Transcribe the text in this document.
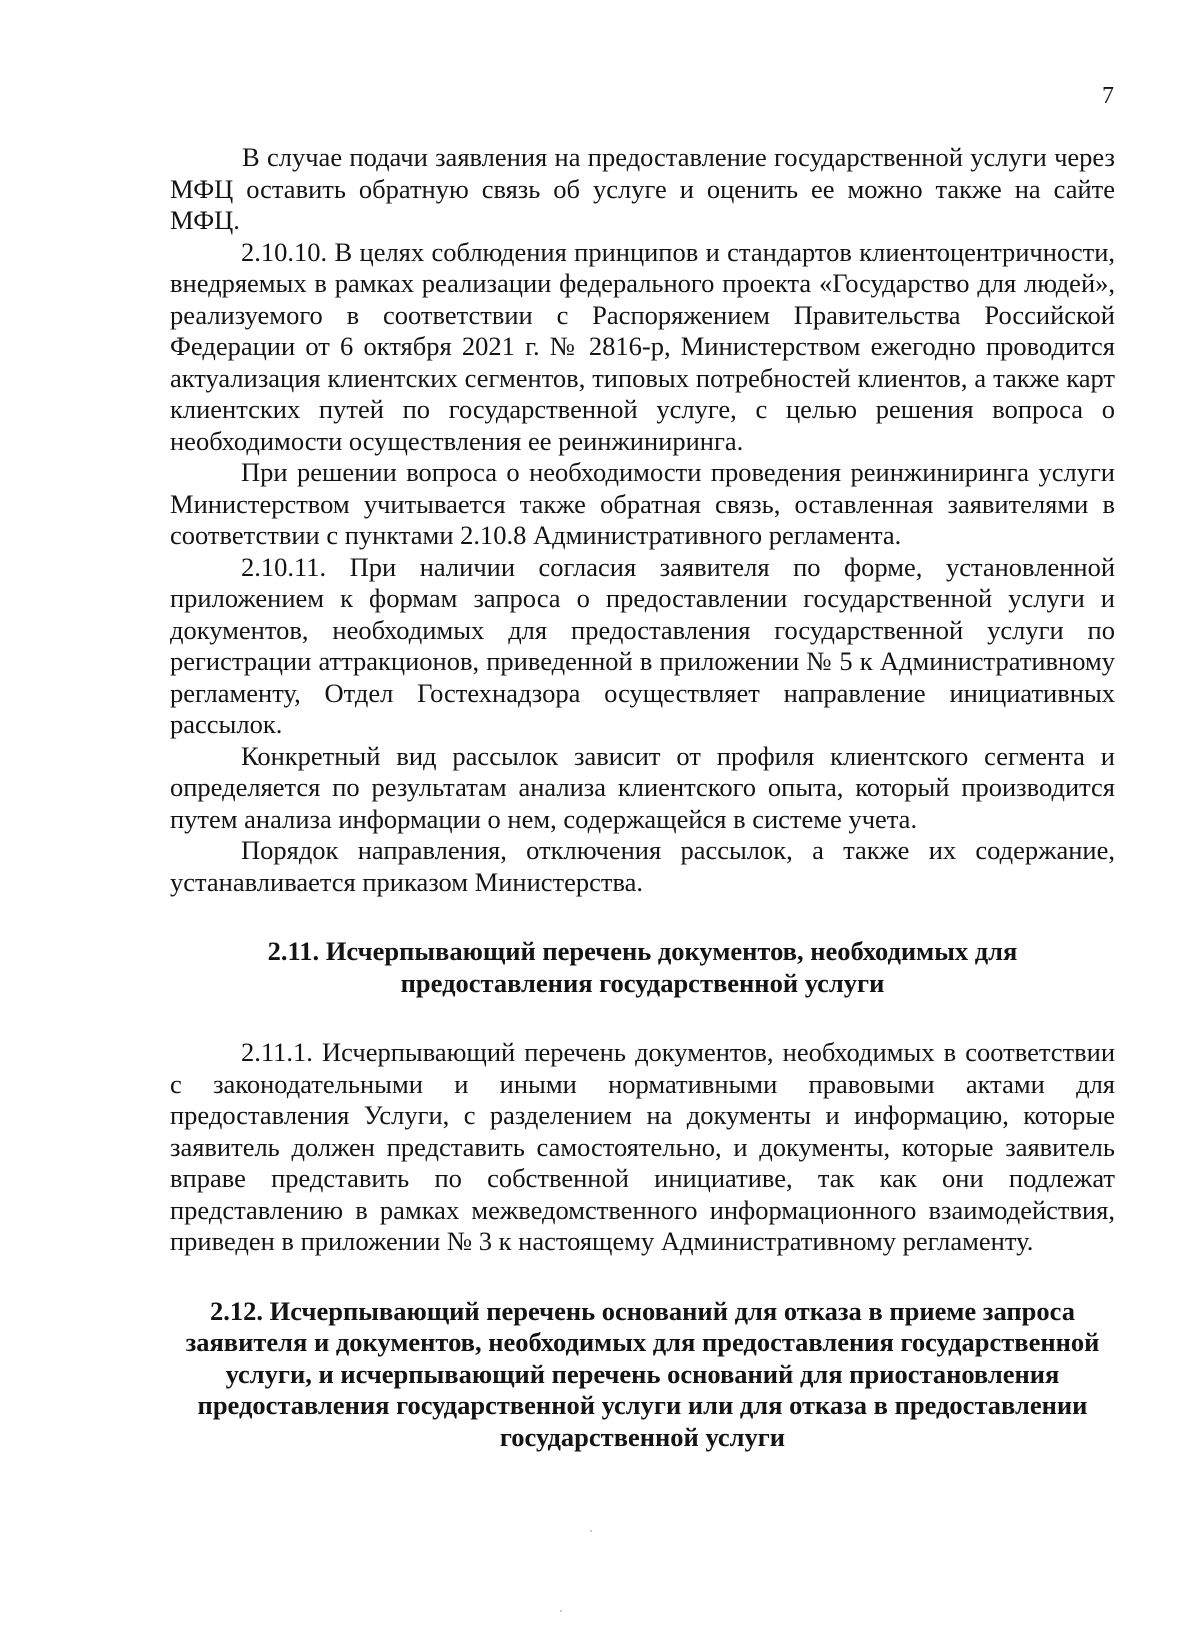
7

В случае подачи заявления на предоставление государственной услуги через МФЦ оставить обратную связь об услуге и оценить ее можно также на сайте МФЦ.

2.10.10. В целях соблюдения принципов и стандартов клиентоцентричности, внедряемых в рамках реализации федерального проекта «Государство для людей», реализуемого в соответствии с Распоряжением Правительства Российской Федерации от 6 октября 2021 г. № 2816-р, Министерством ежегодно проводится актуализация клиентских сегментов, типовых потребностей клиентов, а также карт клиентских путей по государственной услуге, с целью решения вопроса о необходимости осуществления ее реинжиниринга.

При решении вопроса о необходимости проведения реинжиниринга услуги Министерством учитывается также обратная связь, оставленная заявителями в соответствии с пунктами 2.10.8 Административного регламента.

2.10.11. При наличии согласия заявителя по форме, установленной приложением к формам запроса о предоставлении государственной услуги и документов, необходимых для предоставления государственной услуги по регистрации аттракционов, приведенной в приложении № 5 к Административному регламенту, Отдел Гостехнадзора осуществляет направление инициативных рассылок.

Конкретный вид рассылок зависит от профиля клиентского сегмента и определяется по результатам анализа клиентского опыта, который производится путем анализа информации о нем, содержащейся в системе учета.

Порядок направления, отключения рассылок, а также их содержание, устанавливается приказом Министерства.

2.11. Исчерпывающий перечень документов, необходимых для предоставления государственной услуги

2.11.1. Исчерпывающий перечень документов, необходимых в соответствии с законодательными и иными нормативными правовыми актами для предоставления Услуги, с разделением на документы и информацию, которые заявитель должен представить самостоятельно, и документы, которые заявитель вправе представить по собственной инициативе, так как они подлежат представлению в рамках межведомственного информационного взаимодействия, приведен в приложении № 3 к настоящему Административному регламенту.

2.12. Исчерпывающий перечень оснований для отказа в приеме запроса заявителя и документов, необходимых для предоставления государственной услуги, и исчерпывающий перечень оснований для приостановления предоставления государственной услуги или для отказа в предоставлении государственной услуги
